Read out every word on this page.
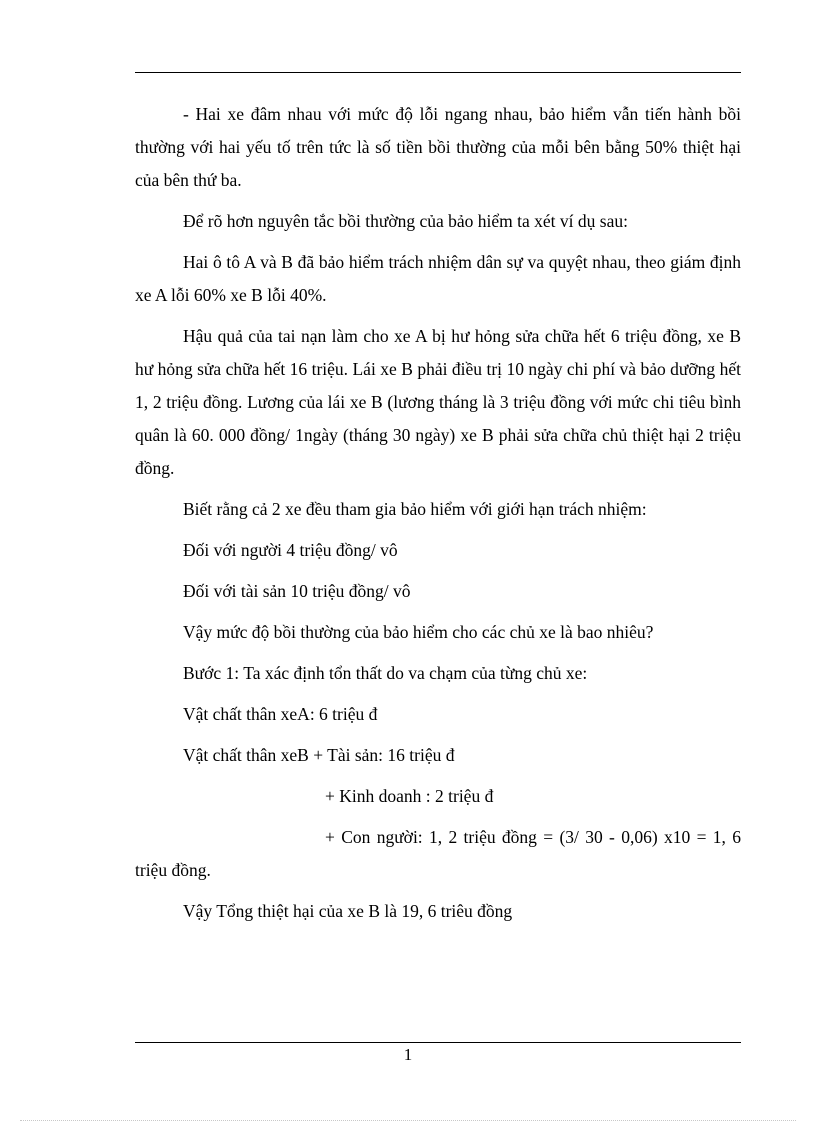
- Hai xe đâm nhau với mức độ lỗi ngang nhau, bảo hiểm vẫn tiến hành bồi thường với hai yếu tố trên tức là số tiền bồi thường của mỗi bên bằng 50% thiệt hại của bên thứ ba.

Để rõ hơn nguyên tắc bồi thường của bảo hiểm ta xét ví dụ sau:

Hai ô tô A và B đã bảo hiểm trách nhiệm dân sự va quyệt nhau, theo giám định xe A lỗi 60% xe B lỗi 40%.

Hậu quả của tai nạn làm cho xe A bị hư hỏng sửa chữa hết 6 triệu đồng, xe B hư hỏng sửa chữa hết 16 triệu. Lái xe B phải điều trị 10 ngày chi phí và bảo dưỡng hết 1, 2 triệu đồng. Lương của lái xe B (lương tháng là 3 triệu đồng với mức chi tiêu bình quân là 60. 000 đồng/ 1ngày (tháng 30 ngày) xe B phải sửa chữa chủ thiệt hại 2 triệu đồng.

Biết rằng cả 2 xe đều tham gia bảo hiểm với giới hạn trách nhiệm:

Đối với người 4 triệu đồng/ vô

Đối với tài sản 10 triệu đồng/ vô

Vậy mức độ bồi thường của bảo hiểm cho các chủ xe là bao nhiêu?

Bước 1: Ta xác định tổn thất do va chạm của từng chủ xe:

Vật chất thân xeA: 6 triệu đ

Vật chất thân xeB + Tài sản: 16 triệu đ

+ Kinh doanh : 2 triệu đ

+ Con người: 1, 2 triệu đồng = (3/ 30 - 0,06) x10 = 1, 6 triệu đồng.

Vậy Tổng thiệt hại của xe B là 19, 6 triêu đồng

1
